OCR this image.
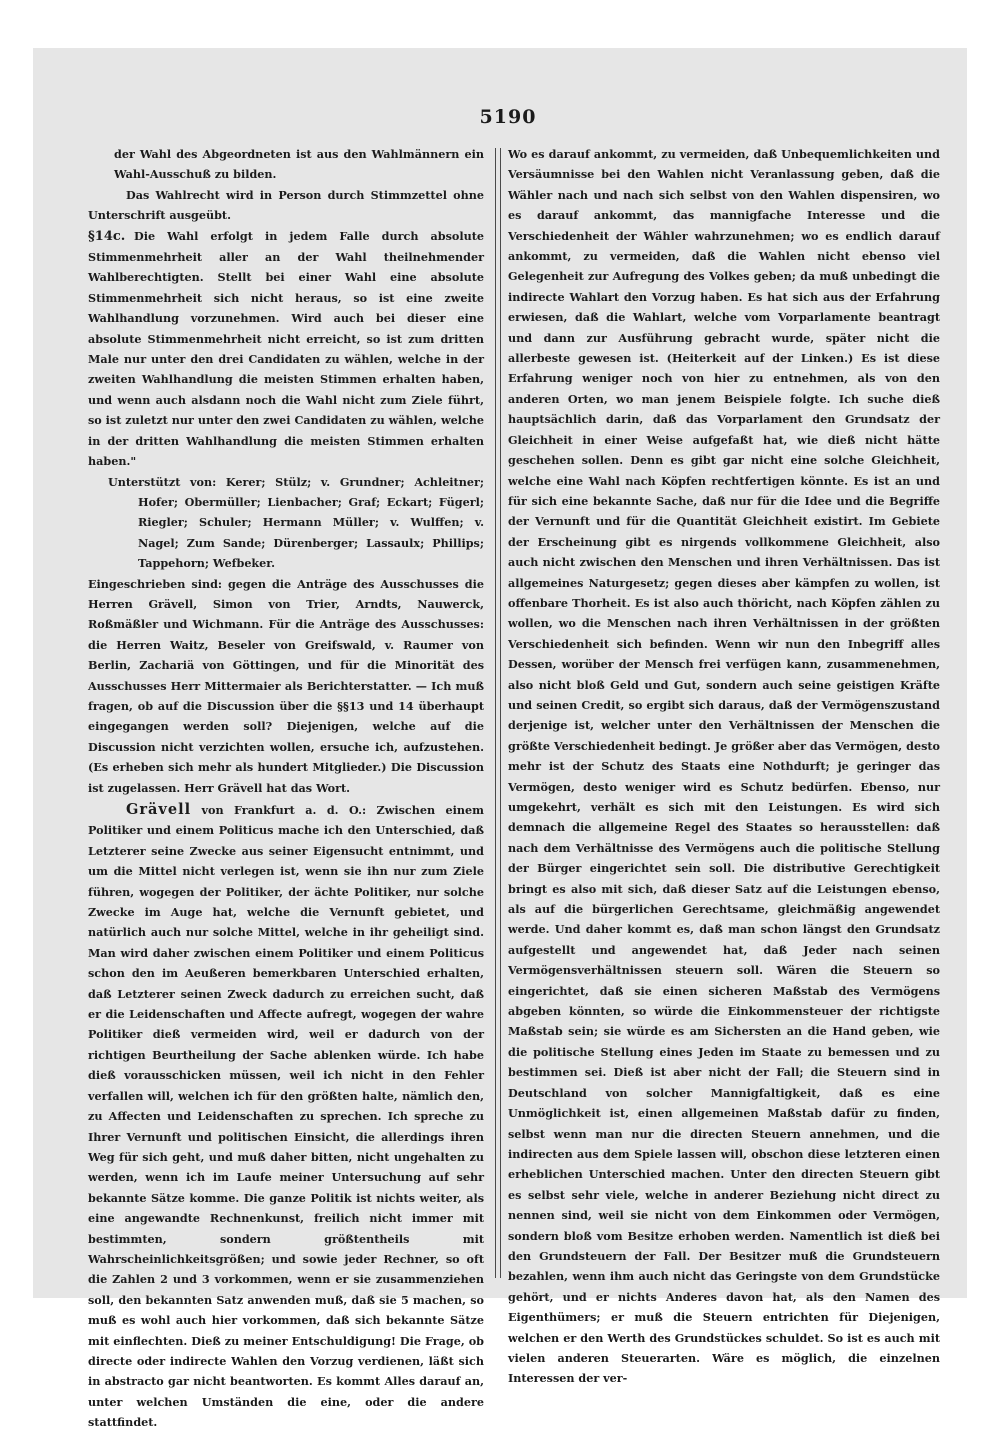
5190

der Wahl des Abgeordneten ist aus den Wahlmännern ein Wahl-Ausschuß zu bilden.

Das Wahlrecht wird in Person durch Stimmzettel ohne Unterschrift ausgeübt.

§14c. Die Wahl erfolgt in jedem Falle durch absolute Stimmenmehrheit aller an der Wahl theilnehmender Wahlberechtigten. Stellt bei einer Wahl eine absolute Stimmenmehrheit sich nicht heraus, so ist eine zweite Wahlhandlung vorzunehmen. Wird auch bei dieser eine absolute Stimmenmehrheit nicht erreicht, so ist zum dritten Male nur unter den drei Candidaten zu wählen, welche in der zweiten Wahlhandlung die meisten Stimmen erhalten haben, und wenn auch alsdann noch die Wahl nicht zum Ziele führt, so ist zuletzt nur unter den zwei Candidaten zu wählen, welche in der dritten Wahlhandlung die meisten Stimmen erhalten haben."

Unterstützt von: Kerer; Stülz; v. Grundner; Achleitner; Hofer; Obermüller; Lienbacher; Graf; Eckart; Fügerl; Riegler; Schuler; Hermann Müller; v. Wulffen; v. Nagel; Zum Sande; Dürenberger; Lassaulx; Phillips; Tappehorn; Wefbeker.

Eingeschrieben sind: gegen die Anträge des Ausschusses die Herren Grävell, Simon von Trier, Arndts, Nauwerck, Roßmäßler und Wichmann. Für die Anträge des Ausschusses: die Herren Waitz, Beseler von Greifswald, v. Raumer von Berlin, Zachariä von Göttingen, und für die Minorität des Ausschusses Herr Mittermaier als Berichterstatter. — Ich muß fragen, ob auf die Discussion über die §§13 und 14 überhaupt eingegangen werden soll? Diejenigen, welche auf die Discussion nicht verzichten wollen, ersuche ich, aufzustehen. (Es erheben sich mehr als hundert Mitglieder.) Die Discussion ist zugelassen. Herr Grävell hat das Wort.

Grävell von Frankfurt a. d. O.: Zwischen einem Politiker und einem Politicus mache ich den Unterschied, daß Letzterer seine Zwecke aus seiner Eigensucht entnimmt, und um die Mittel nicht verlegen ist, wenn sie ihn nur zum Ziele führen, wogegen der Politiker, der ächte Politiker, nur solche Zwecke im Auge hat, welche die Vernunft gebietet, und natürlich auch nur solche Mittel, welche in ihr geheiligt sind. Man wird daher zwischen einem Politiker und einem Politicus schon den im Aeußeren bemerkbaren Unterschied erhalten, daß Letzterer seinen Zweck dadurch zu erreichen sucht, daß er die Leidenschaften und Affecte aufregt, wogegen der wahre Politiker dieß vermeiden wird, weil er dadurch von der richtigen Beurtheilung der Sache ablenken würde. Ich habe dieß vorausschicken müssen, weil ich nicht in den Fehler verfallen will, welchen ich für den größten halte, nämlich den, zu Affecten und Leidenschaften zu sprechen. Ich spreche zu Ihrer Vernunft und politischen Einsicht, die allerdings ihren Weg für sich geht, und muß daher bitten, nicht ungehalten zu werden, wenn ich im Laufe meiner Untersuchung auf sehr bekannte Sätze komme. Die ganze Politik ist nichts weiter, als eine angewandte Rechnenkunst, freilich nicht immer mit bestimmten, sondern größtentheils mit Wahrscheinlichkeitsgrößen; und sowie jeder Rechner, so oft die Zahlen 2 und 3 vorkommen, wenn er sie zusammenziehen soll, den bekannten Satz anwenden muß, daß sie 5 machen, so muß es wohl auch hier vorkommen, daß sich bekannte Sätze mit einflechten. Dieß zu meiner Entschuldigung! Die Frage, ob directe oder indirecte Wahlen den Vorzug verdienen, läßt sich in abstracto gar nicht beantworten. Es kommt Alles darauf an, unter welchen Umständen die eine, oder die andere stattfindet.

Wo es darauf ankommt, zu vermeiden, daß Unbequemlichkeiten und Versäumnisse bei den Wahlen nicht Veranlassung geben, daß die Wähler nach und nach sich selbst von den Wahlen dispensiren, wo es darauf ankommt, das mannigfache Interesse und die Verschiedenheit der Wähler wahrzunehmen; wo es endlich darauf ankommt, zu vermeiden, daß die Wahlen nicht ebenso viel Gelegenheit zur Aufregung des Volkes geben; da muß unbedingt die indirecte Wahlart den Vorzug haben. Es hat sich aus der Erfahrung erwiesen, daß die Wahlart, welche vom Vorparlamente beantragt und dann zur Ausführung gebracht wurde, später nicht die allerbeste gewesen ist. (Heiterkeit auf der Linken.) Es ist diese Erfahrung weniger noch von hier zu entnehmen, als von den anderen Orten, wo man jenem Beispiele folgte. Ich suche dieß hauptsächlich darin, daß das Vorparlament den Grundsatz der Gleichheit in einer Weise aufgefaßt hat, wie dieß nicht hätte geschehen sollen. Denn es gibt gar nicht eine solche Gleichheit, welche eine Wahl nach Köpfen rechtfertigen könnte. Es ist an und für sich eine bekannte Sache, daß nur für die Idee und die Begriffe der Vernunft und für die Quantität Gleichheit existirt. Im Gebiete der Erscheinung gibt es nirgends vollkommene Gleichheit, also auch nicht zwischen den Menschen und ihren Verhältnissen. Das ist allgemeines Naturgesetz; gegen dieses aber kämpfen zu wollen, ist offenbare Thorheit. Es ist also auch thöricht, nach Köpfen zählen zu wollen, wo die Menschen nach ihren Verhältnissen in der größten Verschiedenheit sich befinden. Wenn wir nun den Inbegriff alles Dessen, worüber der Mensch frei verfügen kann, zusammenehmen, also nicht bloß Geld und Gut, sondern auch seine geistigen Kräfte und seinen Credit, so ergibt sich daraus, daß der Vermögenszustand derjenige ist, welcher unter den Verhältnissen der Menschen die größte Verschiedenheit bedingt. Je größer aber das Vermögen, desto mehr ist der Schutz des Staats eine Nothdurft; je geringer das Vermögen, desto weniger wird es Schutz bedürfen. Ebenso, nur umgekehrt, verhält es sich mit den Leistungen. Es wird sich demnach die allgemeine Regel des Staates so herausstellen: daß nach dem Verhältnisse des Vermögens auch die politische Stellung der Bürger eingerichtet sein soll. Die distributive Gerechtigkeit bringt es also mit sich, daß dieser Satz auf die Leistungen ebenso, als auf die bürgerlichen Gerechtsame, gleichmäßig angewendet werde. Und daher kommt es, daß man schon längst den Grundsatz aufgestellt und angewendet hat, daß Jeder nach seinen Vermögensverhältnissen steuern soll. Wären die Steuern so eingerichtet, daß sie einen sicheren Maßstab des Vermögens abgeben könnten, so würde die Einkommensteuer der richtigste Maßstab sein; sie würde es am Sichersten an die Hand geben, wie die politische Stellung eines Jeden im Staate zu bemessen und zu bestimmen sei. Dieß ist aber nicht der Fall; die Steuern sind in Deutschland von solcher Mannigfaltigkeit, daß es eine Unmöglichkeit ist, einen allgemeinen Maßstab dafür zu finden, selbst wenn man nur die directen Steuern annehmen, und die indirecten aus dem Spiele lassen will, obschon diese letzteren einen erheblichen Unterschied machen. Unter den directen Steuern gibt es selbst sehr viele, welche in anderer Beziehung nicht direct zu nennen sind, weil sie nicht von dem Einkommen oder Vermögen, sondern bloß vom Besitze erhoben werden. Namentlich ist dieß bei den Grundsteuern der Fall. Der Besitzer muß die Grundsteuern bezahlen, wenn ihm auch nicht das Geringste von dem Grundstücke gehört, und er nichts Anderes davon hat, als den Namen des Eigenthümers; er muß die Steuern entrichten für Diejenigen, welchen er den Werth des Grundstückes schuldet. So ist es auch mit vielen anderen Steuerarten. Wäre es möglich, die einzelnen Interessen der ver-
